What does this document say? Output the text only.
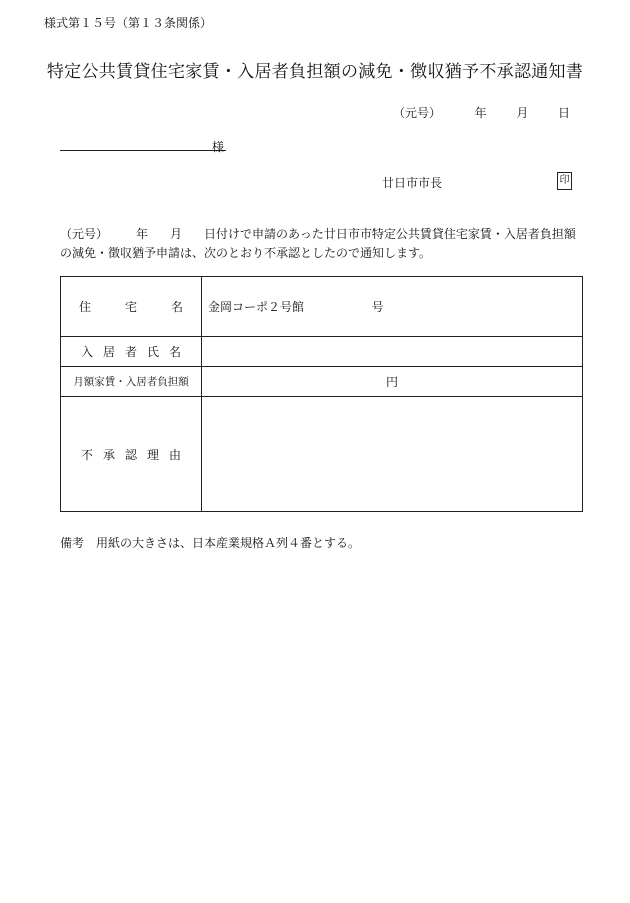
様式第１５号（第１３条関係）
特定公共賃貸住宅家賃・入居者負担額の減免・徴収猶予不承認通知書
（元号）	年 月 日
様
廿日市市長	印
（元号） 年 月 日付けで申請のあった廿日市市特定公共賃貸住宅家賃・入居者負担額の減免・徴収猶予申請は、次のとおり不承認としたので通知します。
住 宅 名	金岡コーポ２号館 号

入 居 者 氏 名	

月額家賃・入居者負担額	円

不 承 認 理 由	

備考　用紙の大きさは、日本産業規格Ａ列４番とする。
